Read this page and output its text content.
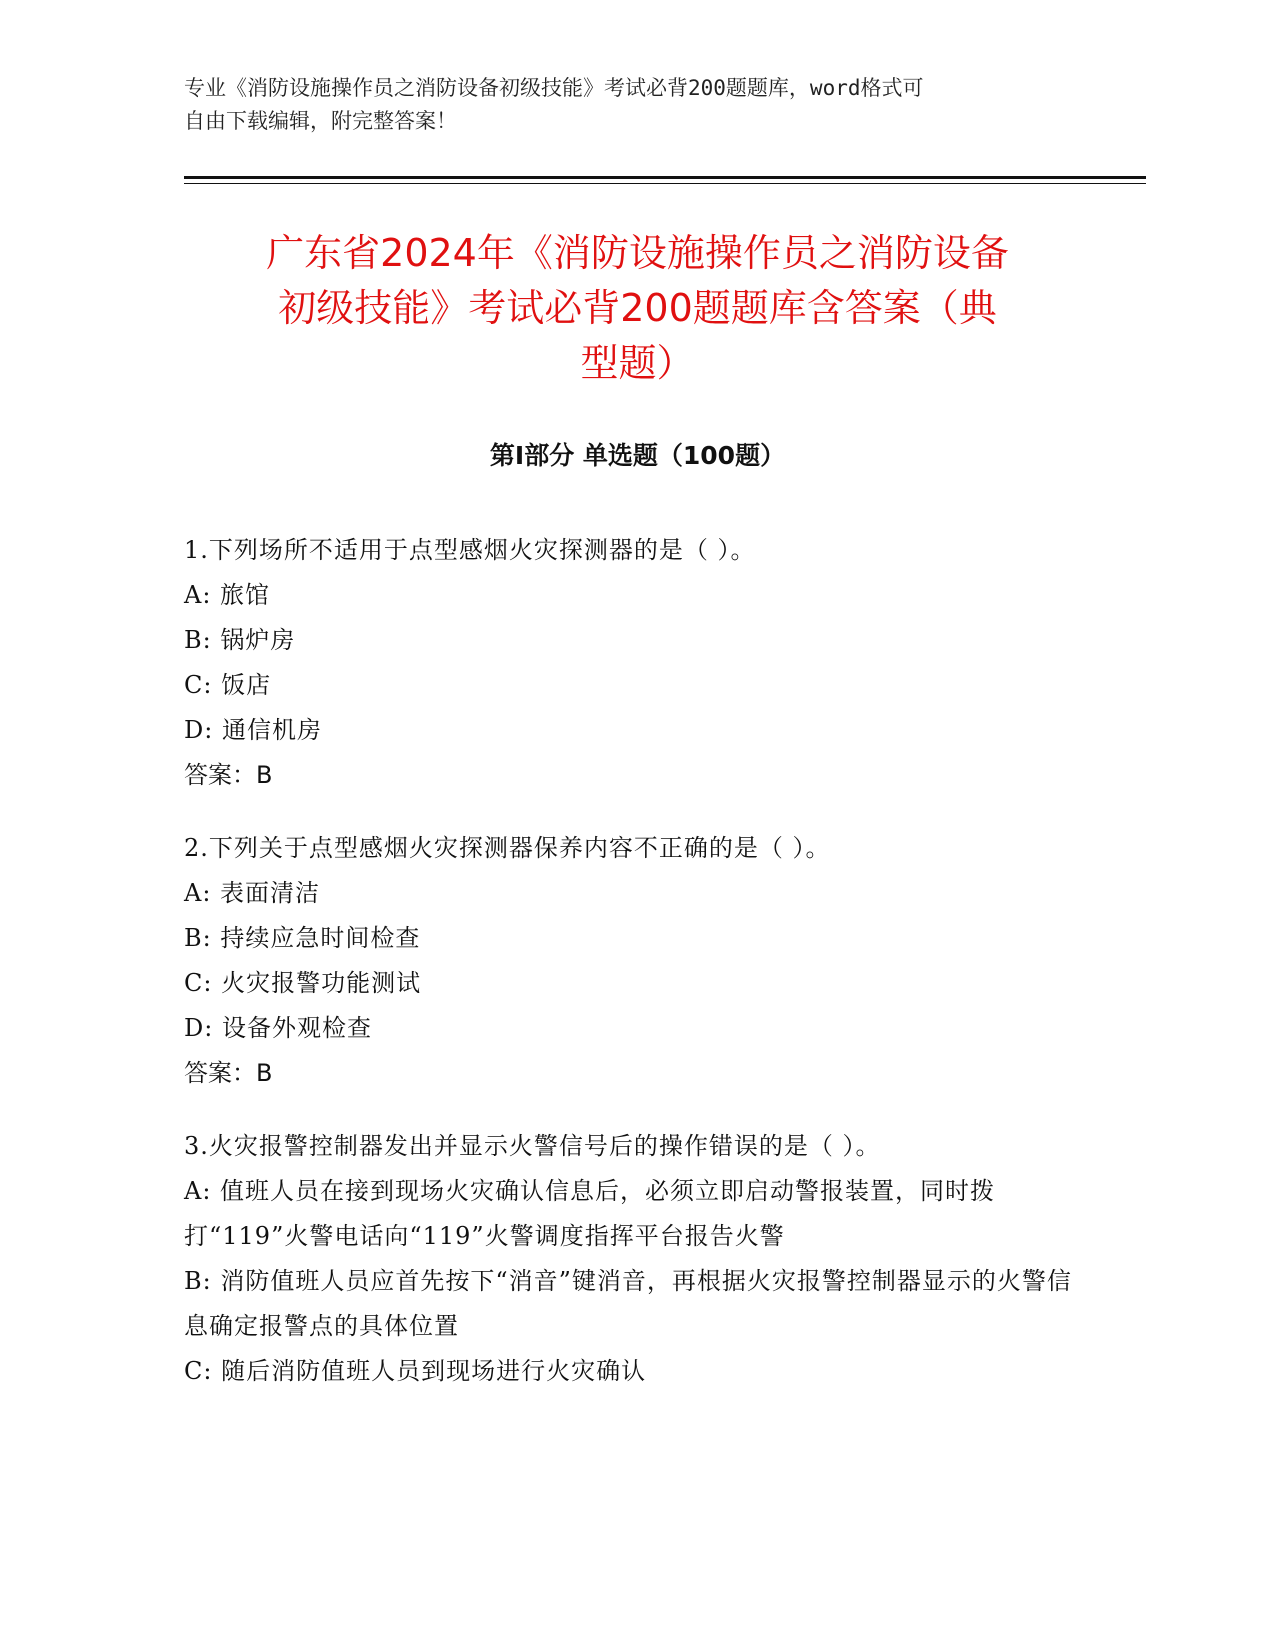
专业《消防设施操作员之消防设备初级技能》考试必背200题题库，word格式可
自由下载编辑，附完整答案！
广东省2024年《消防设施操作员之消防设备
初级技能》考试必背200题题库含答案（典
型题）
第I部分 单选题（100题）

1.下列场所不适用于点型感烟火灾探测器的是（ ）。

A: 旅馆

B: 锅炉房

C: 饭店

D: 通信机房

答案：B

2.下列关于点型感烟火灾探测器保养内容不正确的是（ ）。

A: 表面清洁

B: 持续应急时间检查

C: 火灾报警功能测试

D: 设备外观检查

答案：B

3.火灾报警控制器发出并显示火警信号后的操作错误的是（ ）。

A: 值班人员在接到现场火灾确认信息后，必须立即启动警报装置，同时拨打“119”火警电话向“119”火警调度指挥平台报告火警

B: 消防值班人员应首先按下“消音”键消音，再根据火灾报警控制器显示的火警信息确定报警点的具体位置

C: 随后消防值班人员到现场进行火灾确认
